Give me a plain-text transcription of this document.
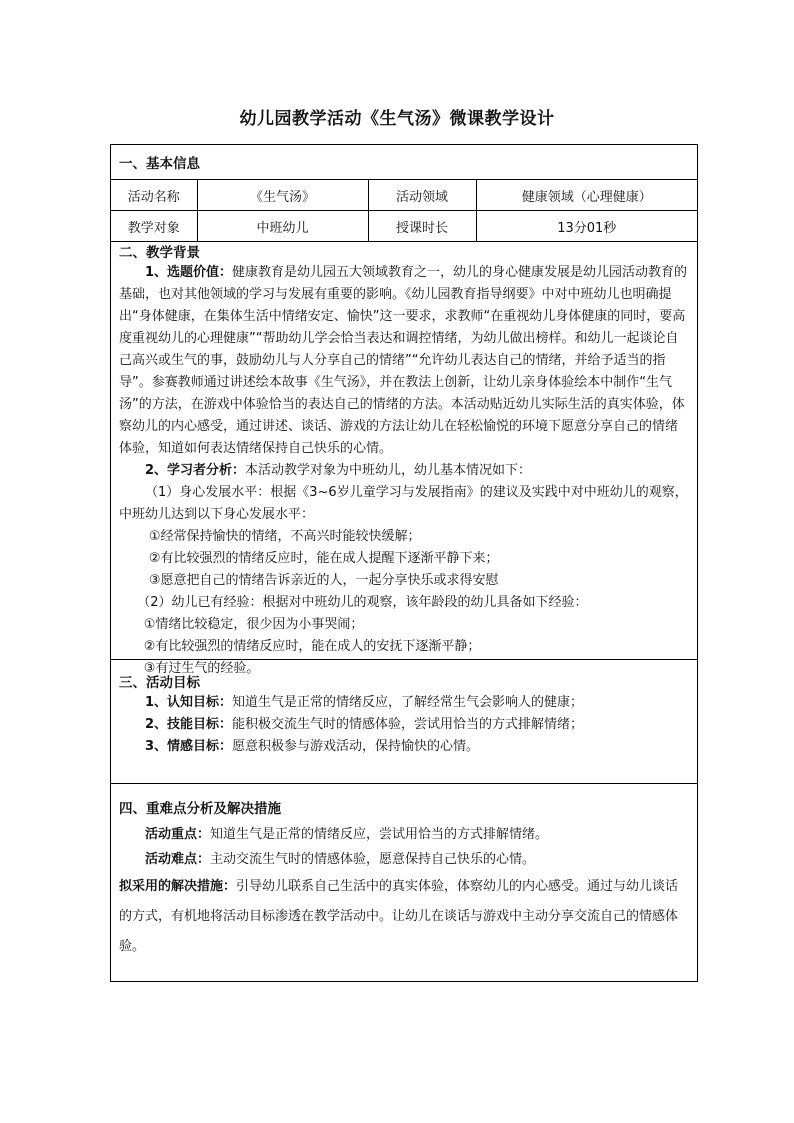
幼儿园教学活动《生气汤》微课教学设计
一、基本信息
活动名称	《生气汤》	活动领域	健康领域（心理健康）
教学对象	中班幼儿	授课时长	13分01秒
二、教学背景

1、选题价值：健康教育是幼儿园五大领域教育之一，幼儿的身心健康发展是幼儿园活动教育的基础，也对其他领域的学习与发展有重要的影响。《幼儿园教育指导纲要》中对中班幼儿也明确提出“身体健康，在集体生活中情绪安定、愉快”这一要求，求教师“在重视幼儿身体健康的同时，要高度重视幼儿的心理健康”“帮助幼儿学会恰当表达和调控情绪，为幼儿做出榜样。和幼儿一起谈论自己高兴或生气的事，鼓励幼儿与人分享自己的情绪”“允许幼儿表达自己的情绪，并给予适当的指导”。参赛教师通过讲述绘本故事《生气汤》，并在教法上创新，让幼儿亲身体验绘本中制作“生气汤”的方法，在游戏中体验恰当的表达自己的情绪的方法。本活动贴近幼儿实际生活的真实体验，体察幼儿的内心感受，通过讲述、谈话、游戏的方法让幼儿在轻松愉悦的环境下愿意分享自己的情绪体验，知道如何表达情绪保持自己快乐的心情。

2、学习者分析：本活动教学对象为中班幼儿，幼儿基本情况如下：

（1）身心发展水平：根据《3~6岁儿童学习与发展指南》的建议及实践中对中班幼儿的观察，中班幼儿达到以下身心发展水平：

①经常保持愉快的情绪，不高兴时能较快缓解；

②有比较强烈的情绪反应时，能在成人提醒下逐渐平静下来；

③愿意把自己的情绪告诉亲近的人，一起分享快乐或求得安慰

（2）幼儿已有经验：根据对中班幼儿的观察，该年龄段的幼儿具备如下经验：

①情绪比较稳定，很少因为小事哭闹；

②有比较强烈的情绪反应时，能在成人的安抚下逐渐平静；

③有过生气的经验。

三、活动目标

1、认知目标：知道生气是正常的情绪反应，了解经常生气会影响人的健康；

2、技能目标：能积极交流生气时的情感体验，尝试用恰当的方式排解情绪；

3、情感目标：愿意积极参与游戏活动，保持愉快的心情。

四、重难点分析及解决措施

活动重点：知道生气是正常的情绪反应，尝试用恰当的方式排解情绪。

活动难点：主动交流生气时的情感体验，愿意保持自己快乐的心情。

拟采用的解决措施：引导幼儿联系自己生活中的真实体验，体察幼儿的内心感受。通过与幼儿谈话的方式，有机地将活动目标渗透在教学活动中。让幼儿在谈话与游戏中主动分享交流自己的情感体验。
